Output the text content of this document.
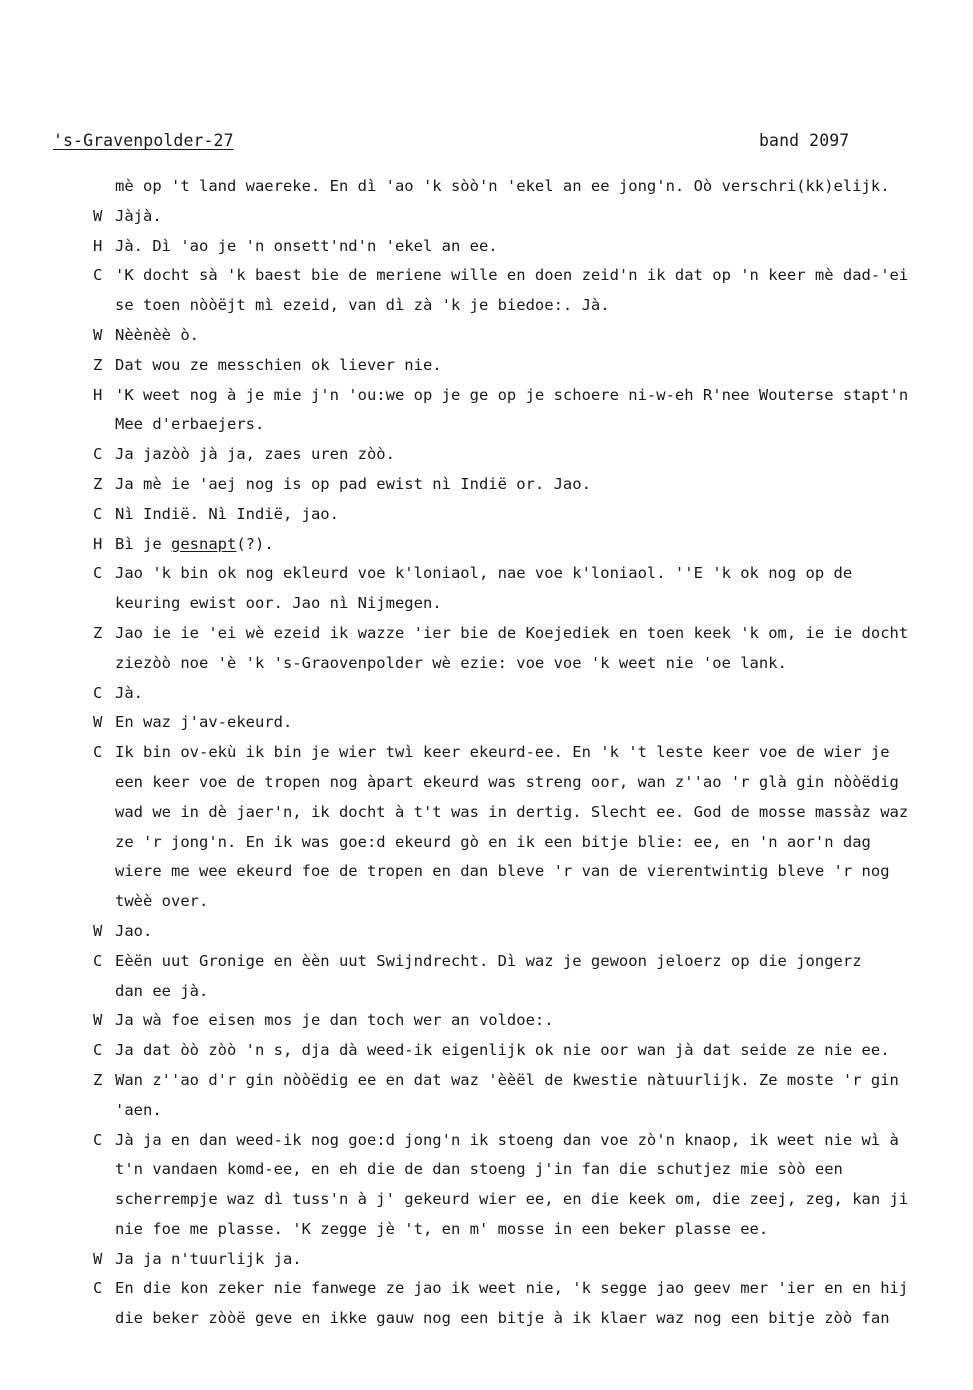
's-Gravenpolder-27	band 2097
mè op 't land waereke. En dì 'ao 'k sòò'n 'ekel an ee jong'n. Oò verschri(kk)elijk.
W Jàjà.
H Jà. Dì 'ao je 'n onsett'nd'n 'ekel an ee.
C 'K docht sà 'k baest bie de meriene wille en doen zeid'n ik dat op 'n keer mè dad-'ei
se toen nòòëjt mì ezeid, van dì zà 'k je biedoe:. Jà.
W Nèènèè ò.
Z Dat wou ze messchien ok liever nie.
H 'K weet nog à je mie j'n 'ou:we op je ge op je schoere ni-w-eh R'nee Wouterse stapt'n
Mee d'erbaejers.
C Ja jazòò jà ja, zaes uren zòò.
Z Ja mè ie 'aej nog is op pad ewist nì Indië or. Jao.
C Nì Indië. Nì Indië, jao.
H Bì je gesnapt(?).
C Jao 'k bin ok nog ekleurd voe k'loniaol, nae voe k'loniaol. ''E 'k ok nog op de
keuring ewist oor. Jao nì Nijmegen.
Z Jao ie ie 'ei wè ezeid ik wazze 'ier bie de Koejediek en toen keek 'k om, ie ie docht
ziezòò noe 'è 'k 's-Graovenpolder wè ezie: voe voe 'k weet nie 'oe lank.
C Jà.
W En waz j'av-ekeurd.
C Ik bin ov-ekù ik bin je wier twì keer ekeurd-ee. En 'k 't leste keer voe de wier je
een keer voe de tropen nog àpart ekeurd was streng oor, wan z''ao 'r glà gin nòòëdig
wad we in dè jaer'n, ik docht à t't was in dertig. Slecht ee. God de mosse massàz waz
ze 'r jong'n. En ik was goe:d ekeurd gò en ik een bitje blie: ee, en 'n aor'n dag
wiere me wee ekeurd foe de tropen en dan bleve 'r van de vierentwintig bleve 'r nog
twèè over.
W Jao.
C Eèën uut Gronige en èèn uut Swijndrecht. Dì waz je gewoon jeloerz op die jongerz
dan ee jà.
W Ja wà foe eisen mos je dan toch wer an voldoe:.
C Ja dat òò zòò 'n s, dja dà weed-ik eigenlijk ok nie oor wan jà dat seide ze nie ee.
Z Wan z''ao d'r gin nòòëdig ee en dat waz 'èèël de kwestie nàtuurlijk. Ze moste 'r gin
'aen.
C Jà ja en dan weed-ik nog goe:d jong'n ik stoeng dan voe zò'n knaop, ik weet nie wì à
t'n vandaen komd-ee, en eh die de dan stoeng j'in fan die schutjez mie sòò een
scherrempje waz dì tuss'n à j' gekeurd wier ee, en die keek om, die zeej, zeg, kan ji
nie foe me plasse. 'K zegge jè 't, en m' mosse in een beker plasse ee.
W Ja ja n'tuurlijk ja.
C En die kon zeker nie fanwege ze jao ik weet nie, 'k segge jao geev mer 'ier en en hij
die beker zòòë geve en ikke gauw nog een bitje à ik klaer waz nog een bitje zòò fan
